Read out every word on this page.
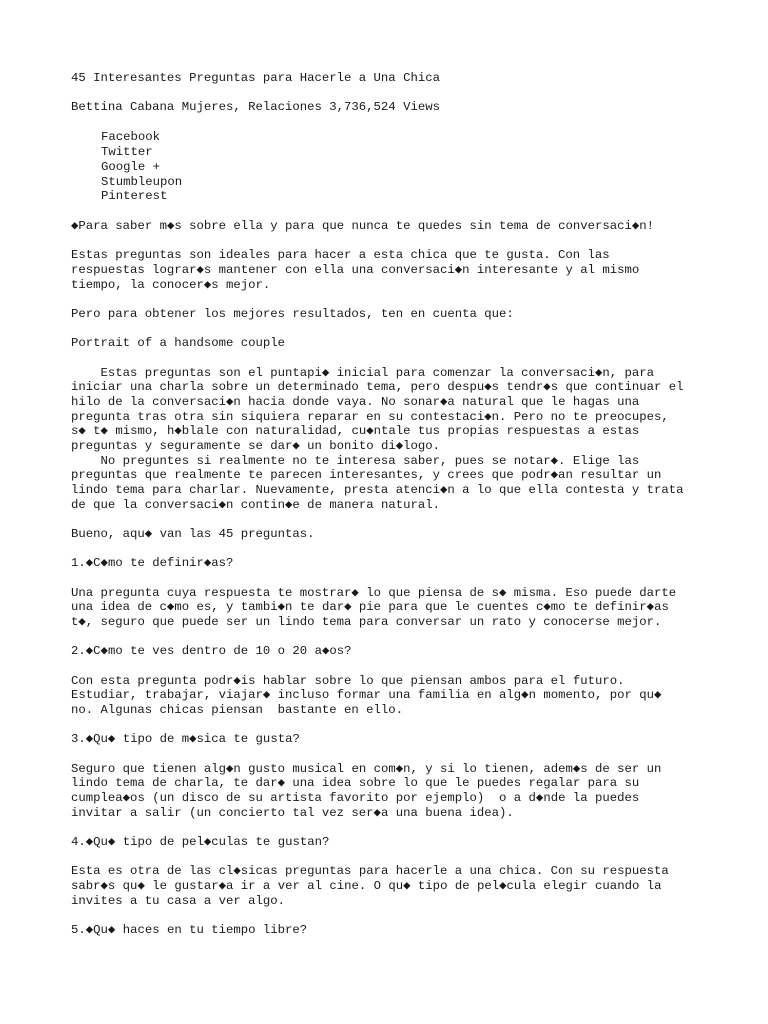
45 Interesantes Preguntas para Hacerle a Una Chica
Bettina Cabana Mujeres, Relaciones 3,736,524 Views
Facebook
Twitter
Google +
Stumbleupon
Pinterest
◆Para saber m◆s sobre ella y para que nunca te quedes sin tema de conversaci◆n!
Estas preguntas son ideales para hacer a esta chica que te gusta. Con las
respuestas lograr◆s mantener con ella una conversaci◆n interesante y al mismo
tiempo, la conocer◆s mejor.
Pero para obtener los mejores resultados, ten en cuenta que:
Portrait of a handsome couple
Estas preguntas son el puntapi◆ inicial para comenzar la conversaci◆n, para
iniciar una charla sobre un determinado tema, pero despu◆s tendr◆s que continuar el
hilo de la conversaci◆n hacia donde vaya. No sonar◆a natural que le hagas una
pregunta tras otra sin siquiera reparar en su contestaci◆n. Pero no te preocupes,
s◆ t◆ mismo, h◆blale con naturalidad, cu◆ntale tus propias respuestas a estas
preguntas y seguramente se dar◆ un bonito di◆logo.
No preguntes si realmente no te interesa saber, pues se notar◆. Elige las
preguntas que realmente te parecen interesantes, y crees que podr◆an resultar un
lindo tema para charlar. Nuevamente, presta atenci◆n a lo que ella contesta y trata
de que la conversaci◆n contin◆e de manera natural.
Bueno, aqu◆ van las 45 preguntas.
1.◆C◆mo te definir◆as?
Una pregunta cuya respuesta te mostrar◆ lo que piensa de s◆ misma. Eso puede darte
una idea de c◆mo es, y tambi◆n te dar◆ pie para que le cuentes c◆mo te definir◆as
t◆, seguro que puede ser un lindo tema para conversar un rato y conocerse mejor.
2.◆C◆mo te ves dentro de 10 o 20 a◆os?
Con esta pregunta podr◆is hablar sobre lo que piensan ambos para el futuro.
Estudiar, trabajar, viajar◆ incluso formar una familia en alg◆n momento, por qu◆
no. Algunas chicas piensan  bastante en ello.
3.◆Qu◆ tipo de m◆sica te gusta?
Seguro que tienen alg◆n gusto musical en com◆n, y si lo tienen, adem◆s de ser un
lindo tema de charla, te dar◆ una idea sobre lo que le puedes regalar para su
cumplea◆os (un disco de su artista favorito por ejemplo)  o a d◆nde la puedes
invitar a salir (un concierto tal vez ser◆a una buena idea).
4.◆Qu◆ tipo de pel◆culas te gustan?
Esta es otra de las cl◆sicas preguntas para hacerle a una chica. Con su respuesta
sabr◆s qu◆ le gustar◆a ir a ver al cine. O qu◆ tipo de pel◆cula elegir cuando la
invites a tu casa a ver algo.
5.◆Qu◆ haces en tu tiempo libre?
